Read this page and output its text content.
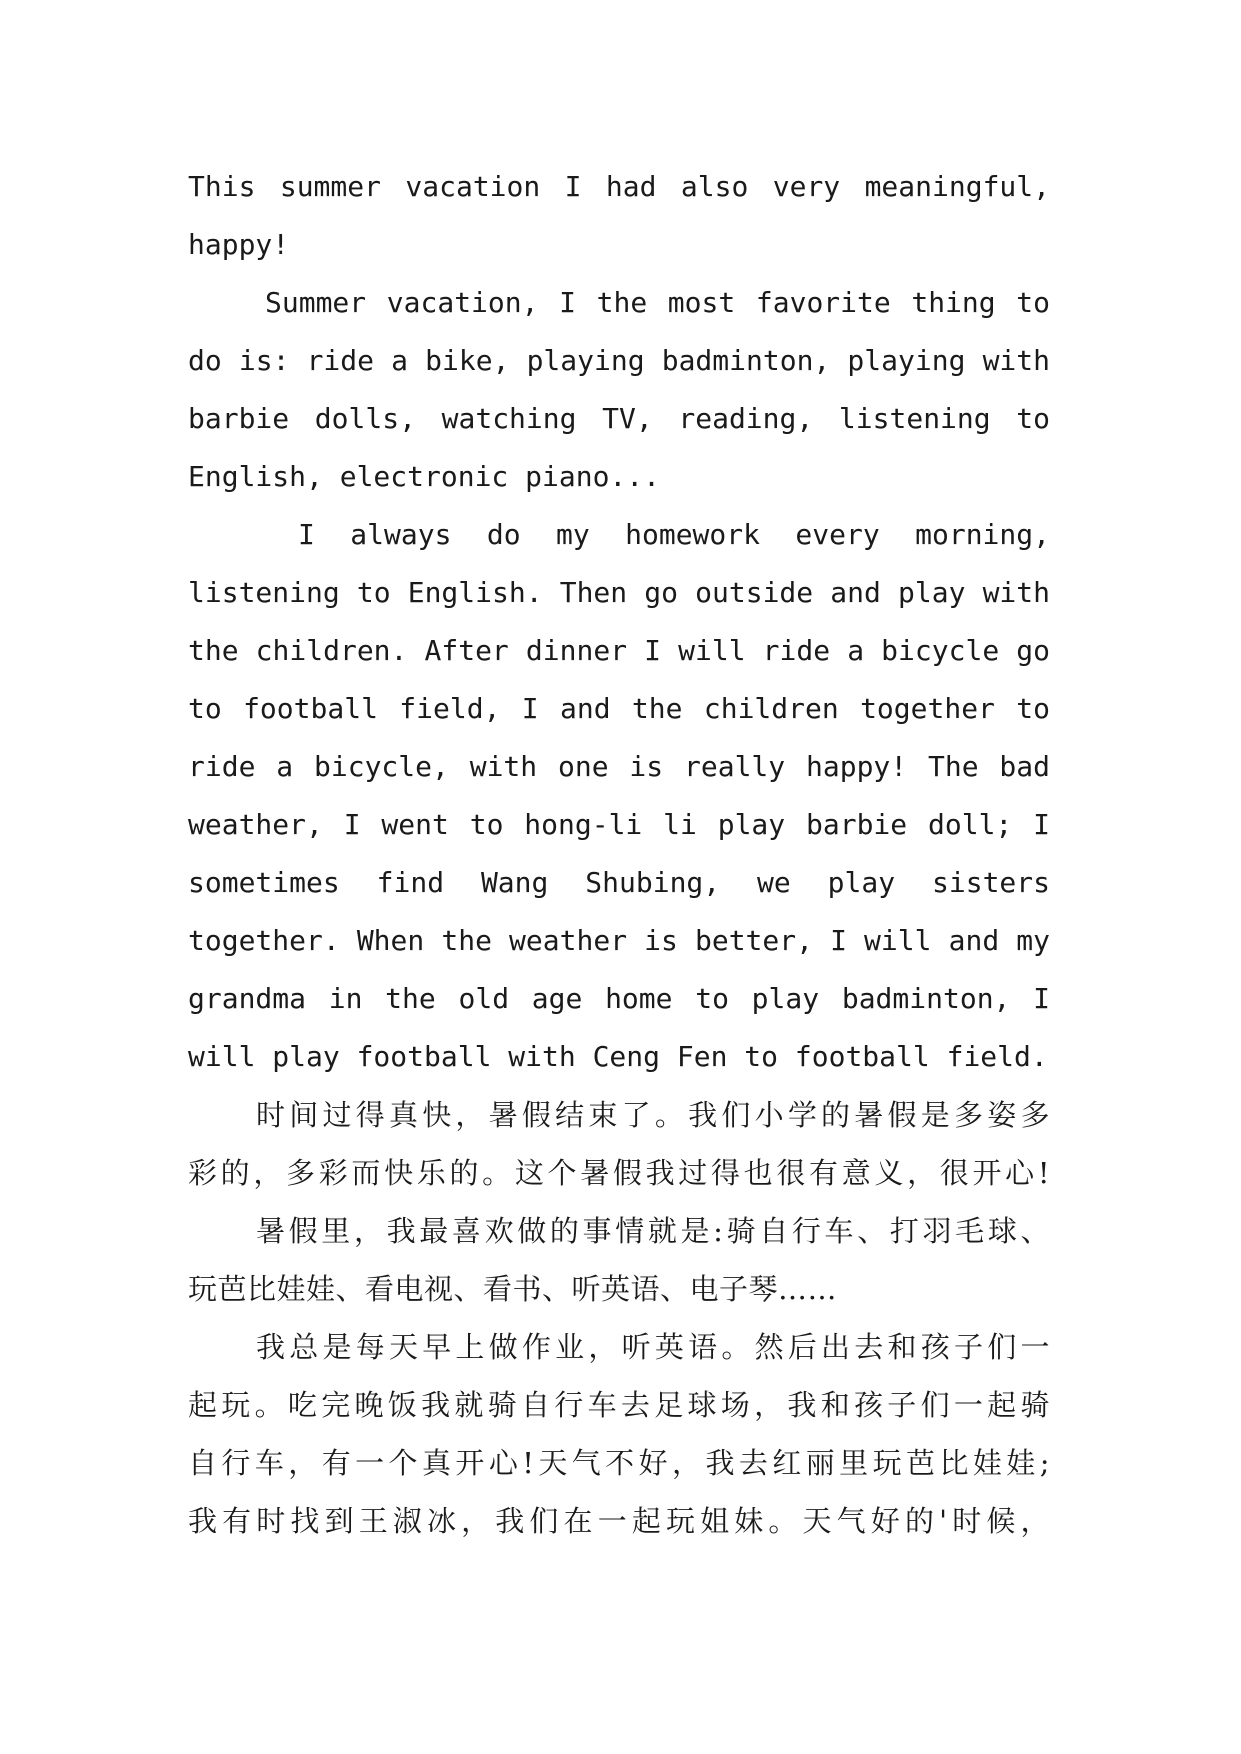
This summer vacation I had also very meaningful,
happy!
Summer vacation, I the most favorite thing to
do is: ride a bike, playing badminton, playing with
barbie dolls, watching TV, reading, listening to
English, electronic piano...
I always do my homework every morning,
listening to English. Then go outside and play with
the children. After dinner I will ride a bicycle go
to football field, I and the children together to
ride a bicycle, with one is really happy! The bad
weather, I went to hong-li li play barbie doll; I
sometimes find Wang Shubing, we play sisters
together. When the weather is better, I will and my
grandma in the old age home to play badminton, I
will play football with Ceng Fen to football field.
时间过得真快，暑假结束了。我们小学的暑假是多姿多
彩的，多彩而快乐的。这个暑假我过得也很有意义，很开心!
暑假里，我最喜欢做的事情就是:骑自行车、打羽毛球、
玩芭比娃娃、看电视、看书、听英语、电子琴……
我总是每天早上做作业，听英语。然后出去和孩子们一
起玩。吃完晚饭我就骑自行车去足球场，我和孩子们一起骑
自行车，有一个真开心!天气不好，我去红丽里玩芭比娃娃;
我有时找到王淑冰，我们在一起玩姐妹。天气好的'时候，
